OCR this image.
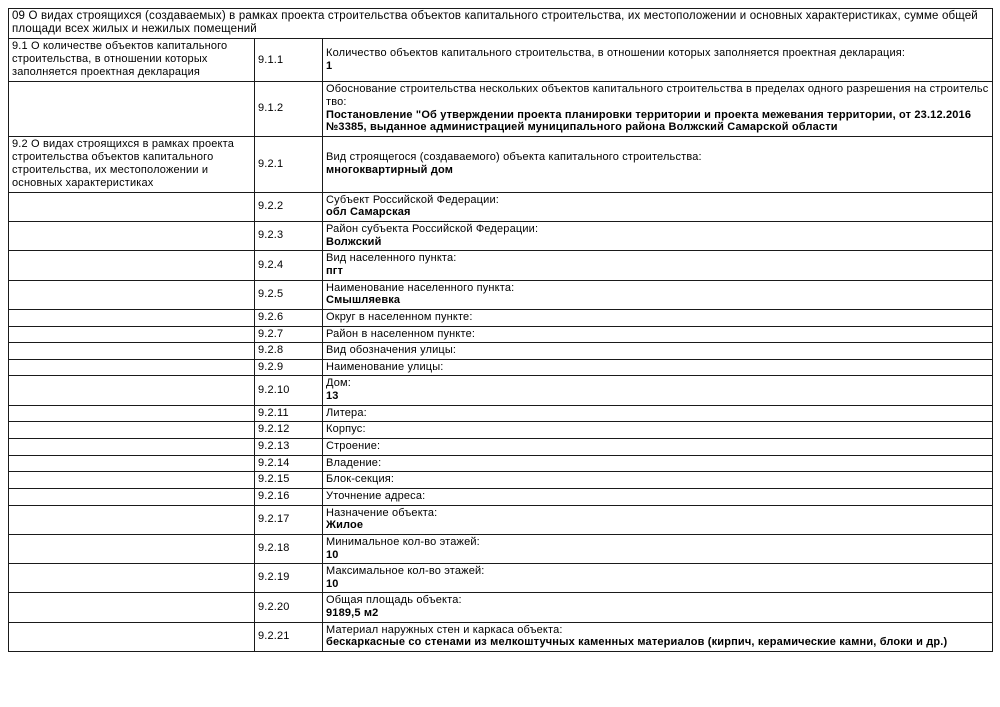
09 О видах строящихся (создаваемых) в рамках проекта строительства объектов капитального строительства, их местоположении и основных характеристиках, сумме общей площади всех жилых и нежилых помещений		
9.1 О количестве объектов капитального строительства, в отношении которых заполняется проектная декларация	9.1.1	Количество объектов капитального строительства, в отношении которых заполняется проектная декларация:
1

	9.1.2	Обоснование строительства нескольких объектов капитального строительства в пределах одного разрешения на строительство:
Постановление "Об утверждении проекта планировки территории и проекта межевания территории, от 23.12.2016 №3385, выданное администрацией муниципального района Волжский Самарской области

9.2 О видах строящихся в рамках проекта строительства объектов капитального строительства, их местоположении и основных характеристиках	9.2.1	Вид строящегося (создаваемого) объекта капитального строительства:
многоквартирный дом

	9.2.2	Субъект Российской Федерации:
обл Самарская

	9.2.3	Район субъекта Российской Федерации:
Волжский

	9.2.4	Вид населенного пункта:
пгт

	9.2.5	Наименование населенного пункта:
Смышляевка

	9.2.6	Округ в населенном пункте:

	9.2.7	Район в населенном пункте:

	9.2.8	Вид обозначения улицы:

	9.2.9	Наименование улицы:

	9.2.10	Дом:
13

	9.2.11	Литера:

	9.2.12	Корпус:

	9.2.13	Строение:

	9.2.14	Владение:

	9.2.15	Блок-секция:

	9.2.16	Уточнение адреса:

	9.2.17	Назначение объекта:
Жилое

	9.2.18	Минимальное кол-во этажей:
10

	9.2.19	Максимальное кол-во этажей:
10

	9.2.20	Общая площадь объекта:
9189,5 м2

	9.2.21	Материал наружных стен и каркаса объекта:
бескаркасные со стенами из мелкоштучных каменных материалов (кирпич, керамические камни, блоки и др.)
